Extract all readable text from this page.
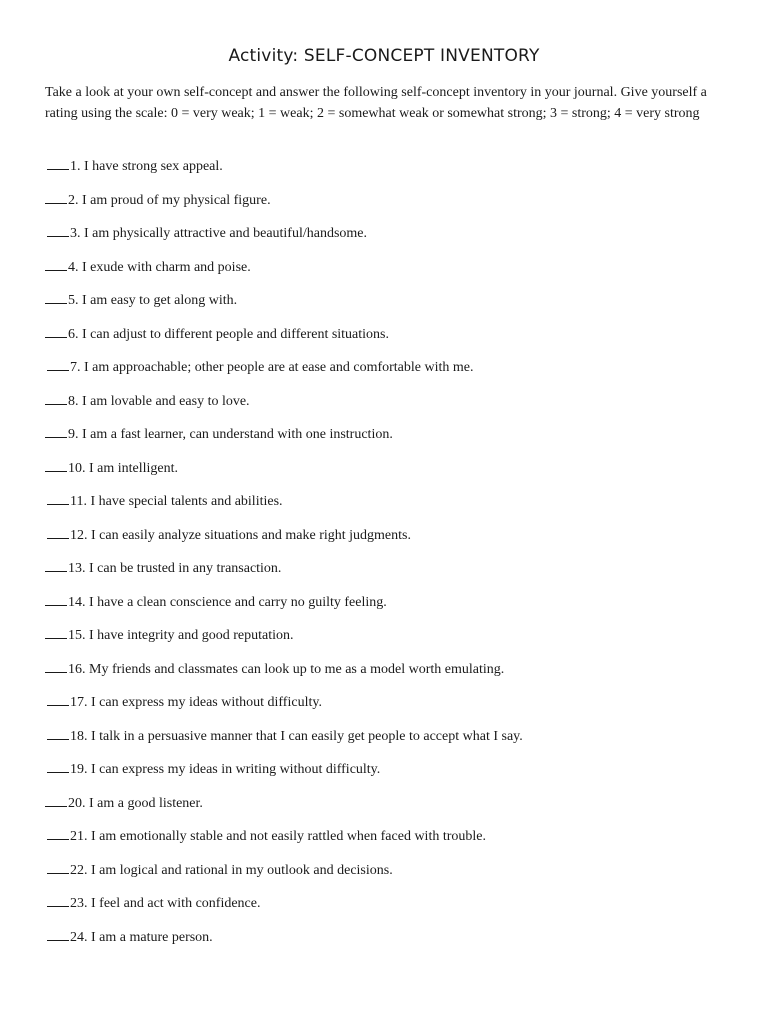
Activity: SELF-CONCEPT INVENTORY

Take a look at your own self-concept and answer the following self-concept inventory in your journal. Give yourself a rating using the scale: 0 = very weak; 1 = weak; 2 = somewhat weak or somewhat strong; 3 = strong; 4 = very strong

1. I have strong sex appeal.
2. I am proud of my physical figure.
3. I am physically attractive and beautiful/handsome.
4. I exude with charm and poise.
5. I am easy to get along with.
6. I can adjust to different people and different situations.
7. I am approachable; other people are at ease and comfortable with me.
8. I am lovable and easy to love.
9. I am a fast learner, can understand with one instruction.
10. I am intelligent.
11. I have special talents and abilities.
12. I can easily analyze situations and make right judgments.
13. I can be trusted in any transaction.
14. I have a clean conscience and carry no guilty feeling.
15. I have integrity and good reputation.
16. My friends and classmates can look up to me as a model worth emulating.
17. I can express my ideas without difficulty.
18. I talk in a persuasive manner that I can easily get people to accept what I say.
19. I can express my ideas in writing without difficulty.
20. I am a good listener.
21. I am emotionally stable and not easily rattled when faced with trouble.
22. I am logical and rational in my outlook and decisions.
23. I feel and act with confidence.
24. I am a mature person.
